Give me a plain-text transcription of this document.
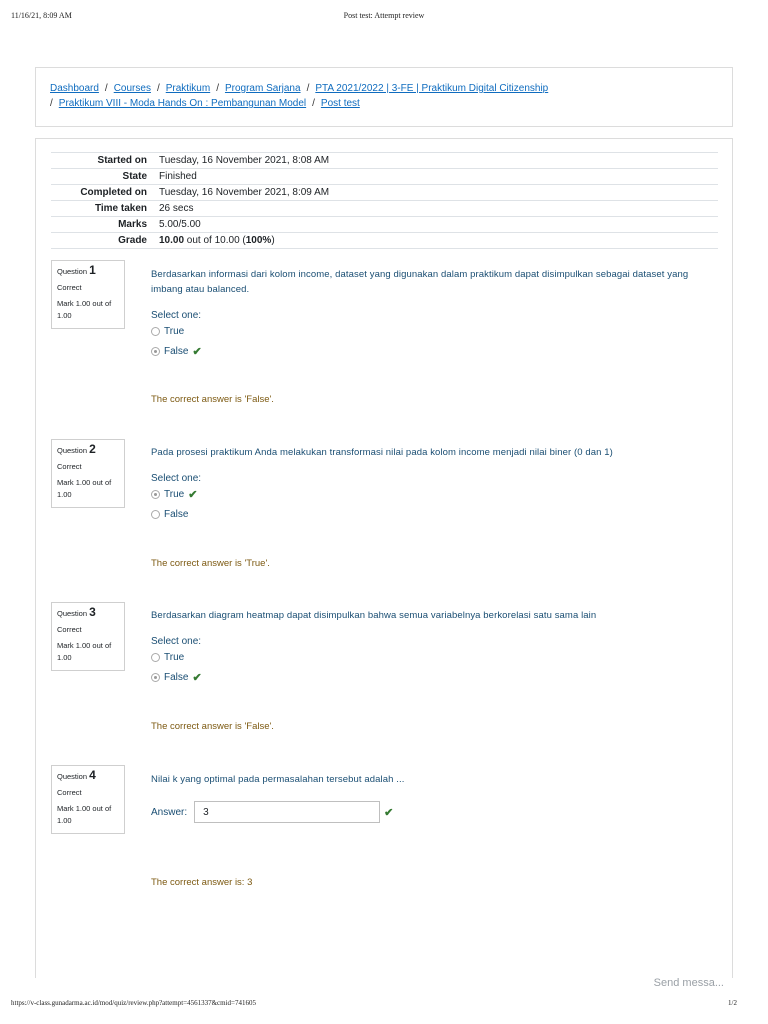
11/16/21, 8:09 AM	Post test: Attempt review
Dashboard / Courses / Praktikum / Program Sarjana / PTA 2021/2022 | 3-FE | Praktikum Digital Citizenship
/ Praktikum VIII - Moda Hands On : Pembangunan Model / Post test
Started on	Tuesday, 16 November 2021, 8:08 AM
State	Finished
Completed on	Tuesday, 16 November 2021, 8:09 AM
Time taken	26 secs
Marks	5.00/5.00
Grade	10.00 out of 10.00 (100%)
Question 1
Correct
Mark 1.00 out of 1.00
Berdasarkan informasi dari kolom income, dataset yang digunakan dalam praktikum dapat disimpulkan sebagai dataset yang imbang atau balanced.
Select one:
True
False ✔
The correct answer is 'False'.
Question 2
Correct
Mark 1.00 out of 1.00
Pada prosesi praktikum Anda melakukan transformasi nilai pada kolom income menjadi nilai biner (0 dan 1)
Select one:
True ✔
False
The correct answer is 'True'.
Question 3
Correct
Mark 1.00 out of 1.00
Berdasarkan diagram heatmap dapat disimpulkan bahwa semua variabelnya berkorelasi satu sama lain
Select one:
True
False ✔
The correct answer is 'False'.
Question 4
Correct
Mark 1.00 out of 1.00
Nilai k yang optimal pada permasalahan tersebut adalah ...
Answer:	3	✔
The correct answer is: 3
Send messa...
https://v-class.gunadarma.ac.id/mod/quiz/review.php?attempt=4561337&cmid=741605	1/2
